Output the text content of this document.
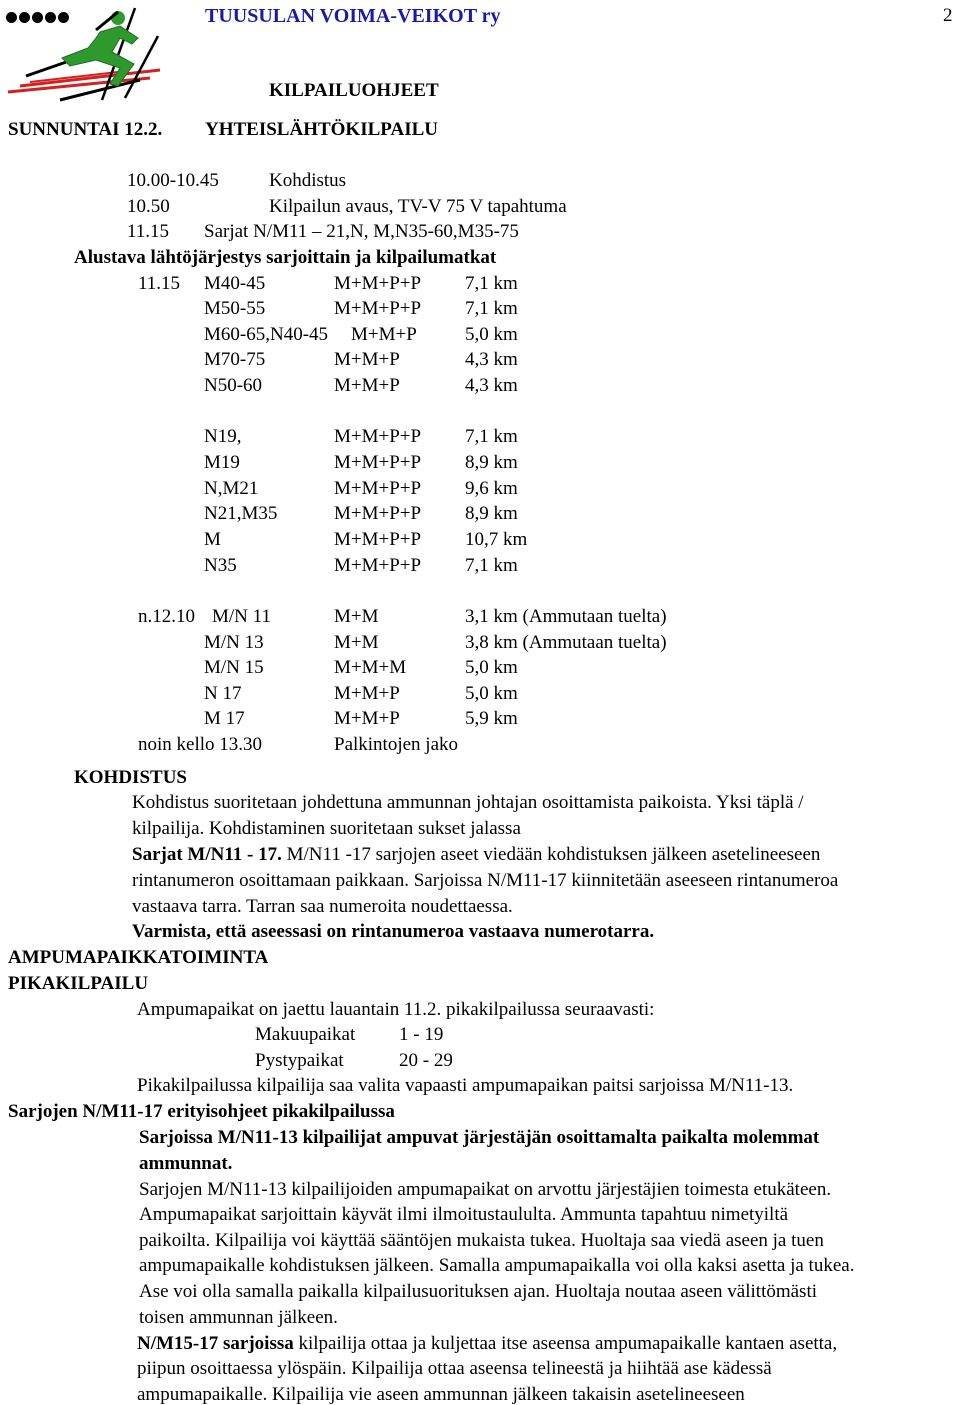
TUUSULAN VOIMA-VEIKOT ry	2
KILPAILUOHJEET
SUNNUNTAI 12.2. YHTEISLÄHTÖKILPAILU
10.00-10.45	Kohdistus
10.50	Kilpailun avaus, TV-V 75 V tapahtuma
11.15 Sarjat N/M11 – 21,N, M,N35-60,M35-75
Alustava lähtöjärjestys sarjoittain ja kilpailumatkat
11.15 M40-45	M+M+P+P 7,1 km
M50-55	M+M+P+P 7,1 km
M60-65,N40-45 M+M+P	5,0 km
M70-75	M+M+P	4,3 km
N50-60	M+M+P	4,3 km
N19,	M+M+P+P 7,1 km
M19	M+M+P+P 8,9 km
N,M21	M+M+P+P 9,6 km
N21,M35	M+M+P+P 8,9 km
M	M+M+P+P 10,7 km
N35	M+M+P+P 7,1 km
n.12.10 M/N 11	M+M	3,1 km (Ammutaan tuelta)
M/N 13	M+M	3,8 km (Ammutaan tuelta)
M/N 15	M+M+M	5,0 km
N 17	M+M+P	5,0 km
M 17	M+M+P	5,9 km
noin kello 13.30	Palkintojen jako
KOHDISTUS
Kohdistus suoritetaan johdettuna ammunnan johtajan osoittamista paikoista. Yksi täplä /
kilpailija. Kohdistaminen suoritetaan sukset jalassa
Sarjat M/N11 - 17. M/N11 -17 sarjojen aseet viedään kohdistuksen jälkeen asetelineeseen
rintanumeron osoittamaan paikkaan. Sarjoissa N/M11-17 kiinnitetään aseeseen rintanumeroa
vastaava tarra. Tarran saa numeroita noudettaessa.
Varmista, että aseessasi on rintanumeroa vastaava numerotarra.
AMPUMAPAIKKATOIMINTA
PIKAKILPAILU
Ampumapaikat on jaettu lauantain 11.2. pikakilpailussa seuraavasti:
Makuupaikat 1 - 19
Pystypaikat	20 - 29
Pikakilpailussa kilpailija saa valita vapaasti ampumapaikan paitsi sarjoissa M/N11-13.
Sarjojen N/M11-17 erityisohjeet pikakilpailussa
Sarjoissa M/N11-13 kilpailijat ampuvat järjestäjän osoittamalta paikalta molemmat
ammunnat.
Sarjojen M/N11-13 kilpailijoiden ampumapaikat on arvottu järjestäjien toimesta etukäteen.
Ampumapaikat sarjoittain käyvät ilmi ilmoitustaululta. Ammunta tapahtuu nimetyiltä
paikoilta. Kilpailija voi käyttää sääntöjen mukaista tukea. Huoltaja saa viedä aseen ja tuen
ampumapaikalle kohdistuksen jälkeen. Samalla ampumapaikalla voi olla kaksi asetta ja tukea.
Ase voi olla samalla paikalla kilpailusuorituksen ajan. Huoltaja noutaa aseen välittömästi
toisen ammunnan jälkeen.
N/M15-17 sarjoissa kilpailija ottaa ja kuljettaa itse aseensa ampumapaikalle kantaen asetta,
piipun osoittaessa ylöspäin. Kilpailija ottaa aseensa telineestä ja hiihtää ase kädessä
ampumapaikalle. Kilpailija vie aseen ammunnan jälkeen takaisin asetelineeseen
